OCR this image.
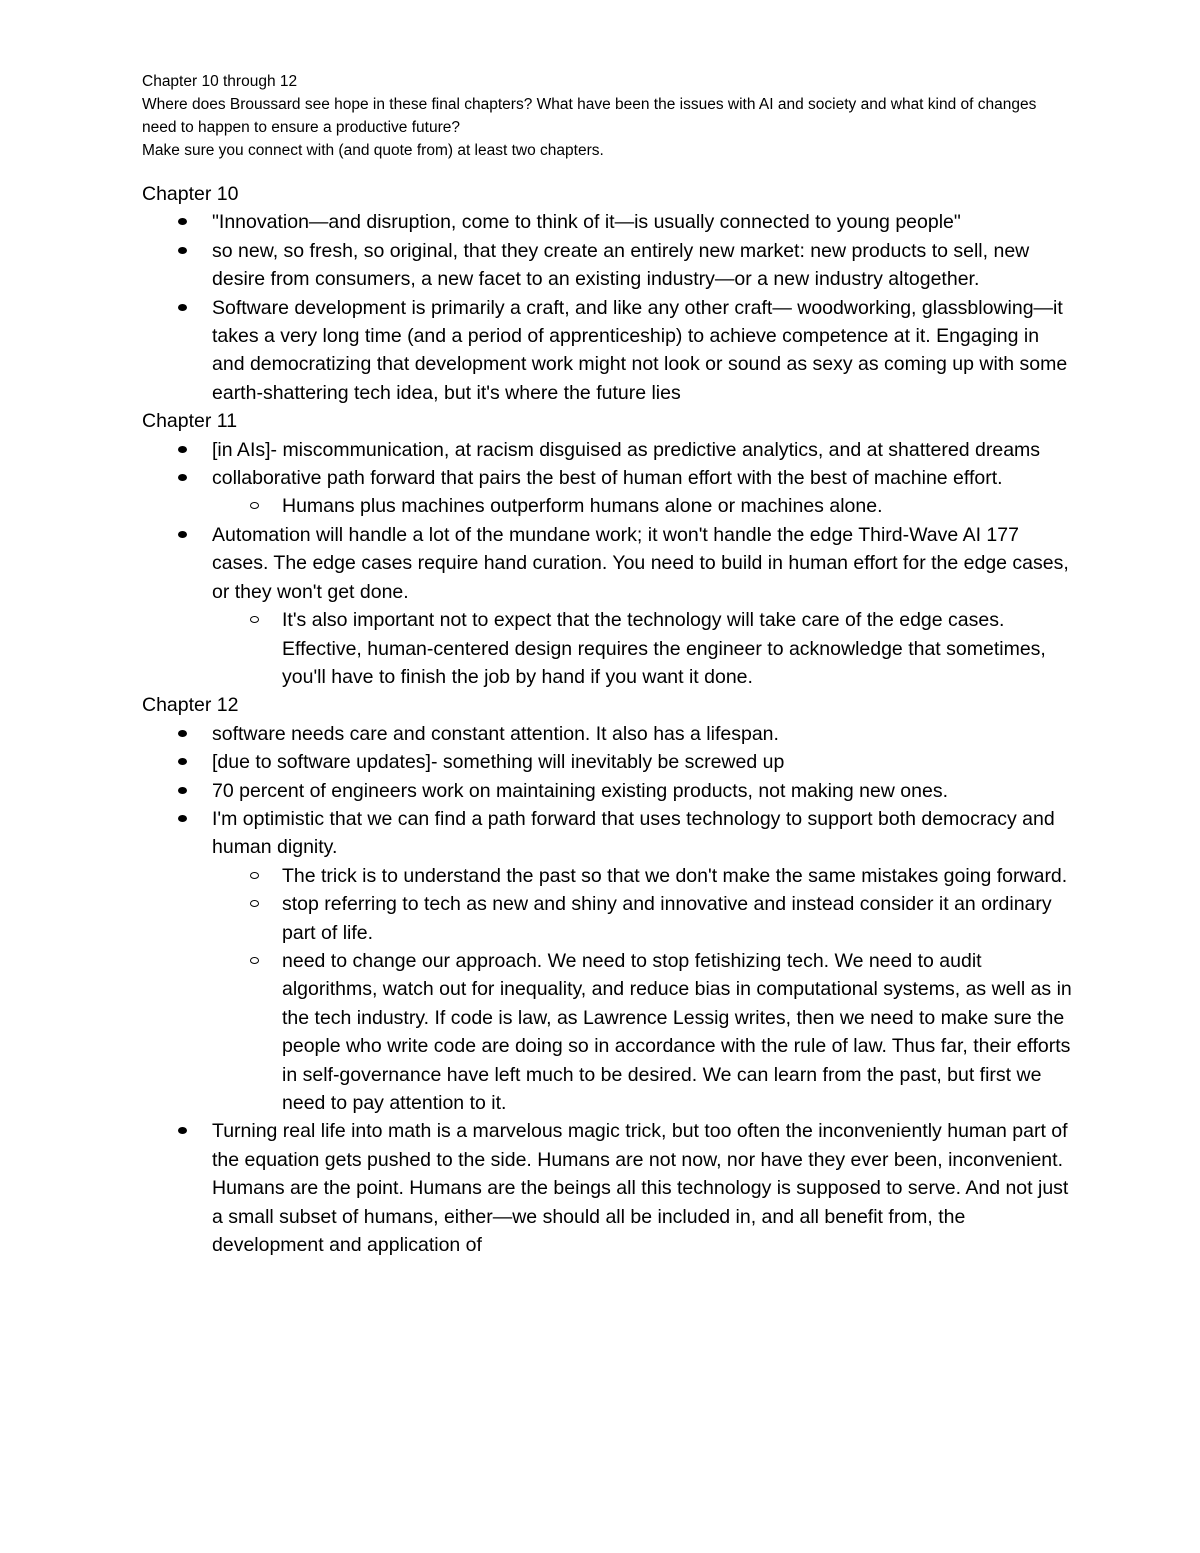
Chapter 10 through 12

Where does Broussard see hope in these final chapters? What have been the issues with AI and society and what kind of changes need to happen to ensure a productive future?

Make sure you connect with (and quote from) at least two chapters.

Chapter 10

"Innovation—and disruption, come to think of it—is usually connected to young people"
so new, so fresh, so original, that they create an entirely new market: new products to sell, new desire from consumers, a new facet to an existing industry—or a new industry altogether.
Software development is primarily a craft, and like any other craft— woodworking, glassblowing—it takes a very long time (and a period of apprenticeship) to achieve competence at it. Engaging in and democratizing that development work might not look or sound as sexy as coming up with some earth-shattering tech idea, but it's where the future lies

Chapter 11

[in AIs]- miscommunication, at racism disguised as predictive analytics, and at shattered dreams
collaborative path forward that pairs the best of human effort with the best of machine effort.
Humans plus machines outperform humans alone or machines alone.
Automation will handle a lot of the mundane work; it won't handle the edge Third-Wave AI 177 cases. The edge cases require hand curation. You need to build in human effort for the edge cases, or they won't get done.
It's also important not to expect that the technology will take care of the edge cases. Effective, human-centered design requires the engineer to acknowledge that sometimes, you'll have to finish the job by hand if you want it done.

Chapter 12

software needs care and constant attention. It also has a lifespan.
[due to software updates]- something will inevitably be screwed up
70 percent of engineers work on maintaining existing products, not making new ones.
I'm optimistic that we can find a path forward that uses technology to support both democracy and human dignity.
The trick is to understand the past so that we don't make the same mistakes going forward.
stop referring to tech as new and shiny and innovative and instead consider it an ordinary part of life.
need to change our approach. We need to stop fetishizing tech. We need to audit algorithms, watch out for inequality, and reduce bias in computational systems, as well as in the tech industry. If code is law, as Lawrence Lessig writes, then we need to make sure the people who write code are doing so in accordance with the rule of law. Thus far, their efforts in self-governance have left much to be desired. We can learn from the past, but first we need to pay attention to it.
Turning real life into math is a marvelous magic trick, but too often the inconveniently human part of the equation gets pushed to the side. Humans are not now, nor have they ever been, inconvenient. Humans are the point. Humans are the beings all this technology is supposed to serve. And not just a small subset of humans, either—we should all be included in, and all benefit from, the development and application of
